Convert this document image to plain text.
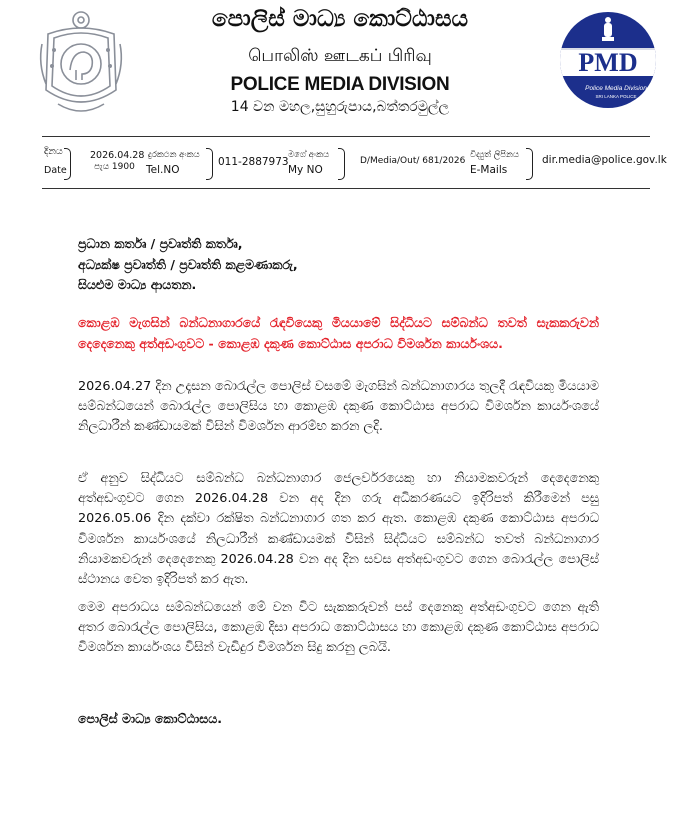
පොලිස් මාධ්‍ය කොට්ඨාසය
பொலிஸ் ஊடகப் பிரிவு
POLICE MEDIA DIVISION
14 වන මහල,සුහුරුපාය,බත්තරමුල්ල
PMD
Police Media Division
SRI LANKA POLICE
දිනය
Date
2026.04.28
පැය 1900
දුරකථන අංකය
Tel.NO
011-2887973
මගේ අංකය
My NO
D/Media/Out/ 681/2026
විද්‍යුත් ලිපිනය
E-Mails
dir.media@police.gov.lk
ප්‍රධාන කර්තෘ / ප්‍රවෘත්ති කර්තෘ,
අධ්‍යක්ෂ ප්‍රවෘත්ති / ප්‍රවෘත්ති කළමණාකරු,
සියළුම මාධ්‍ය ආයතන.
කොළඹ මැගසින් බන්ධනාගාරයේ රැඳවියෙකු මියයාමේ සිද්ධියට සම්බන්ධ තවත් සැකකරුවන් දෙදෙනෙකු අත්අඩංගුවට - කොළඹ දකුණ කොට්ඨාස අපරාධ විමර්ශන කාර්යංශය.
2026.04.27 දින උදෑසන බොරැල්ල පොලිස් වසමේ මැගසින් බන්ධනාගාරය තුලදී රැඳවියකු මියයාම සම්බන්ධයෙන් බොරැල්ල පොලිසිය හා කොළඹ දකුණ කොට්ඨාස අපරාධ විමර්ශන කාර්යංශයේ නිලධාරීන් කණ්ඩායමක් විසින් විමර්ශන ආරම්භ කරන ලදි.
ඒ අනුව සිද්ධියට සම්බන්ධ බන්ධනාගාර ජෙලර්වරයෙකු හා නියාමකවරුන් දෙදෙනෙකු අත්අඩංගුවට ගෙන 2026.04.28 වන අද දින ගරු අධිකරණයට ඉදිරිපත් කිරීමෙන් පසු 2026.05.06 දින දක්වා රක්ෂිත බන්ධනාගාර ගත කර ඇත. කොළඹ දකුණ කොට්ඨාස අපරාධ විමර්ශන කාර්යංශයේ නිලධාරීන් කණ්ඩායමක් විසින් සිද්ධියට සම්බන්ධ තවත් බන්ධනාගාර නියාමකවරුන් දෙදෙනෙකු 2026.04.28 වන අද දින සවස අත්අඩංගුවට ගෙන බොරැල්ල පොලිස් ස්ථානය වෙත ඉදිරිපත් කර ඇත.
මෙම අපරාධය සම්බන්ධයෙන් මේ වන විට සැකකරුවන් පස් දෙනෙකු අත්අඩංගුවට ගෙන ඇති අතර බොරැල්ල පොලිසිය, කොළඹ දිසා අපරාධ කොට්ඨාසය හා කොළඹ දකුණ කොට්ඨාස අපරාධ විමර්ශන කාර්යංශය විසින් වැඩිදුර විමර්ශන සිදු කරනු ලබයි.
පොලිස් මාධ්‍ය කොට්ඨාසය.
